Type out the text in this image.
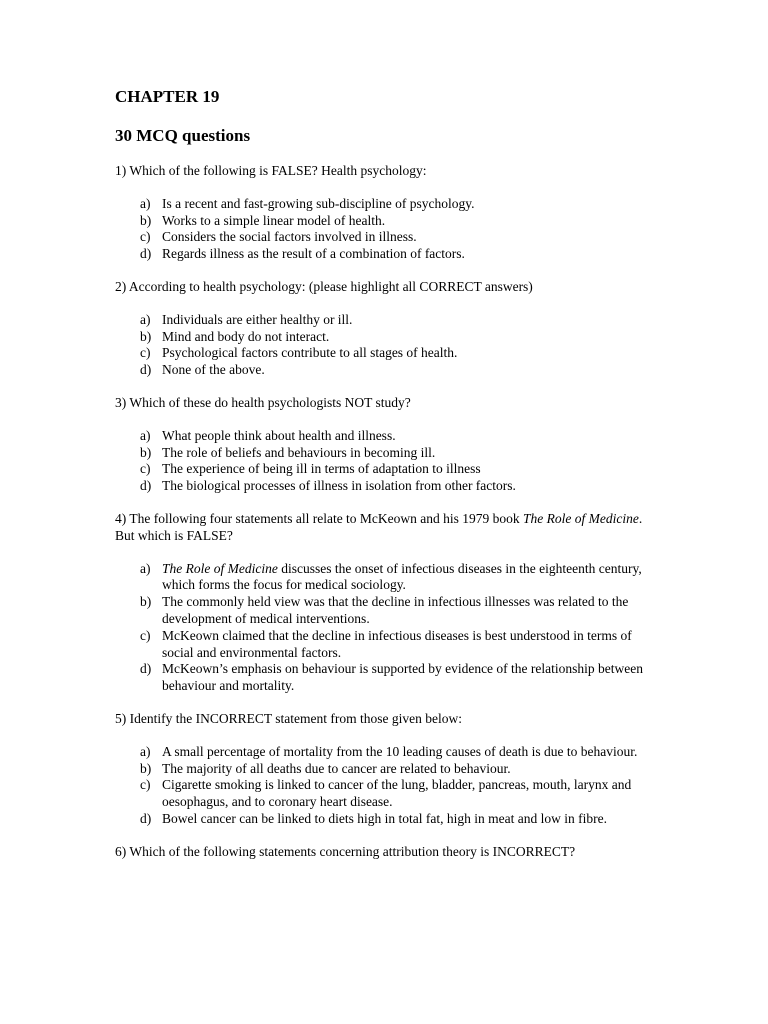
CHAPTER 19
30 MCQ questions

1) Which of the following is FALSE? Health psychology:

a) Is a recent and fast-growing sub-discipline of psychology.
b) Works to a simple linear model of health.
c) Considers the social factors involved in illness.
d) Regards illness as the result of a combination of factors.

2) According to health psychology: (please highlight all CORRECT answers)

a) Individuals are either healthy or ill.
b) Mind and body do not interact.
c) Psychological factors contribute to all stages of health.
d) None of the above.

3) Which of these do health psychologists NOT study?

a) What people think about health and illness.
b) The role of beliefs and behaviours in becoming ill.
c) The experience of being ill in terms of adaptation to illness
d) The biological processes of illness in isolation from other factors.

4) The following four statements all relate to McKeown and his 1979 book The Role of Medicine. But which is FALSE?

a) The Role of Medicine discusses the onset of infectious diseases in the eighteenth century, which forms the focus for medical sociology.
b) The commonly held view was that the decline in infectious illnesses was related to the development of medical interventions.
c) McKeown claimed that the decline in infectious diseases is best understood in terms of social and environmental factors.
d) McKeown’s emphasis on behaviour is supported by evidence of the relationship between behaviour and mortality.

5) Identify the INCORRECT statement from those given below:

a) A small percentage of mortality from the 10 leading causes of death is due to behaviour.
b) The majority of all deaths due to cancer are related to behaviour.
c) Cigarette smoking is linked to cancer of the lung, bladder, pancreas, mouth, larynx and oesophagus, and to coronary heart disease.
d) Bowel cancer can be linked to diets high in total fat, high in meat and low in fibre.

6) Which of the following statements concerning attribution theory is INCORRECT?
